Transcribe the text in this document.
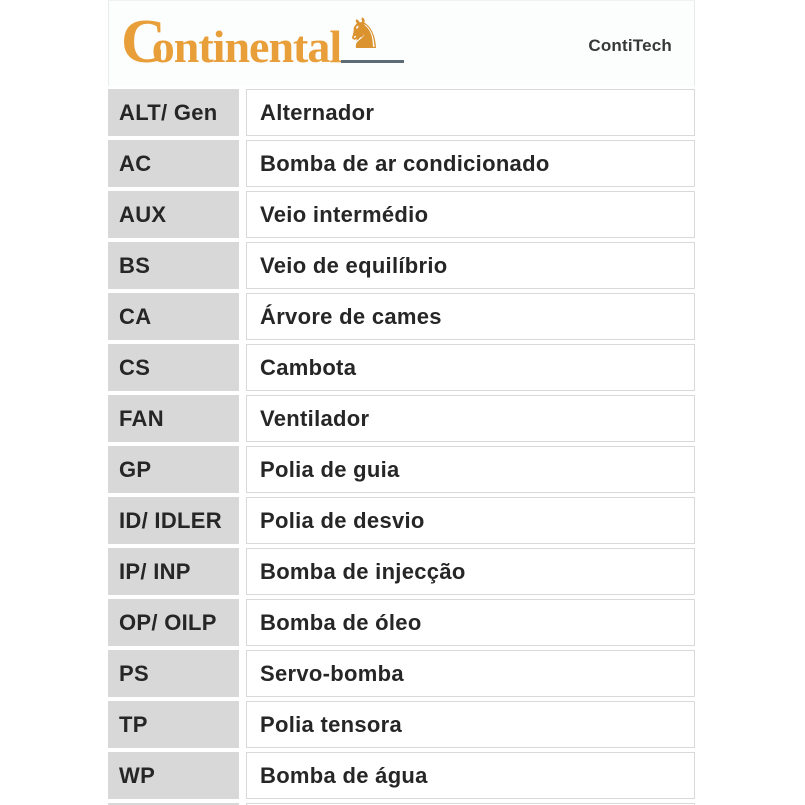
Continental ♞	ContiTech
ALT/ Gen	Alternador
AC	Bomba de ar condicionado
AUX	Veio intermédio
BS	Veio de equilíbrio
CA	Árvore de cames
CS	Cambota
FAN	Ventilador
GP	Polia de guia
ID/ IDLER	Polia de desvio
IP/ INP	Bomba de injecção
OP/ OILP	Bomba de óleo
PS	Servo-bomba
TP	Polia tensora
WP	Bomba de água
